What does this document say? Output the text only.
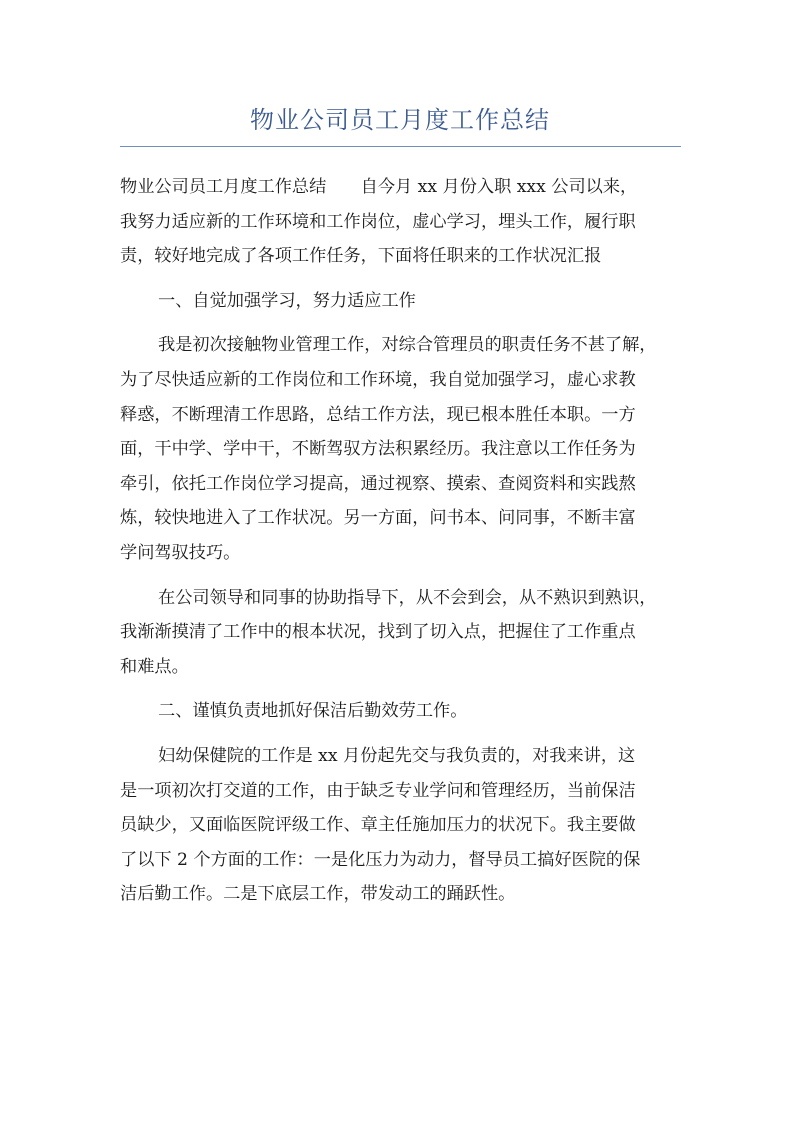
物业公司员工月度工作总结
物业公司员工月度工作总结　　自今月 xx 月份入职 xxx 公司以来，
我努力适应新的工作环境和工作岗位，虚心学习，埋头工作，履行职
责，较好地完成了各项工作任务，下面将任职来的工作状况汇报
一、自觉加强学习，努力适应工作
我是初次接触物业管理工作，对综合管理员的职责任务不甚了解，
为了尽快适应新的工作岗位和工作环境，我自觉加强学习，虚心求教
释惑，不断理清工作思路，总结工作方法，现已根本胜任本职。一方
面，干中学、学中干，不断驾驭方法积累经历。我注意以工作任务为
牵引，依托工作岗位学习提高，通过视察、摸索、查阅资料和实践熬
炼，较快地进入了工作状况。另一方面，问书本、问同事，不断丰富
学问驾驭技巧。
在公司领导和同事的协助指导下，从不会到会，从不熟识到熟识，
我渐渐摸清了工作中的根本状况，找到了切入点，把握住了工作重点
和难点。
二、谨慎负责地抓好保洁后勤效劳工作。
妇幼保健院的工作是 xx 月份起先交与我负责的，对我来讲，这
是一项初次打交道的工作，由于缺乏专业学问和管理经历，当前保洁
员缺少，又面临医院评级工作、章主任施加压力的状况下。我主要做
了以下 2 个方面的工作：一是化压力为动力，督导员工搞好医院的保
洁后勤工作。二是下底层工作，带发动工的踊跃性。
